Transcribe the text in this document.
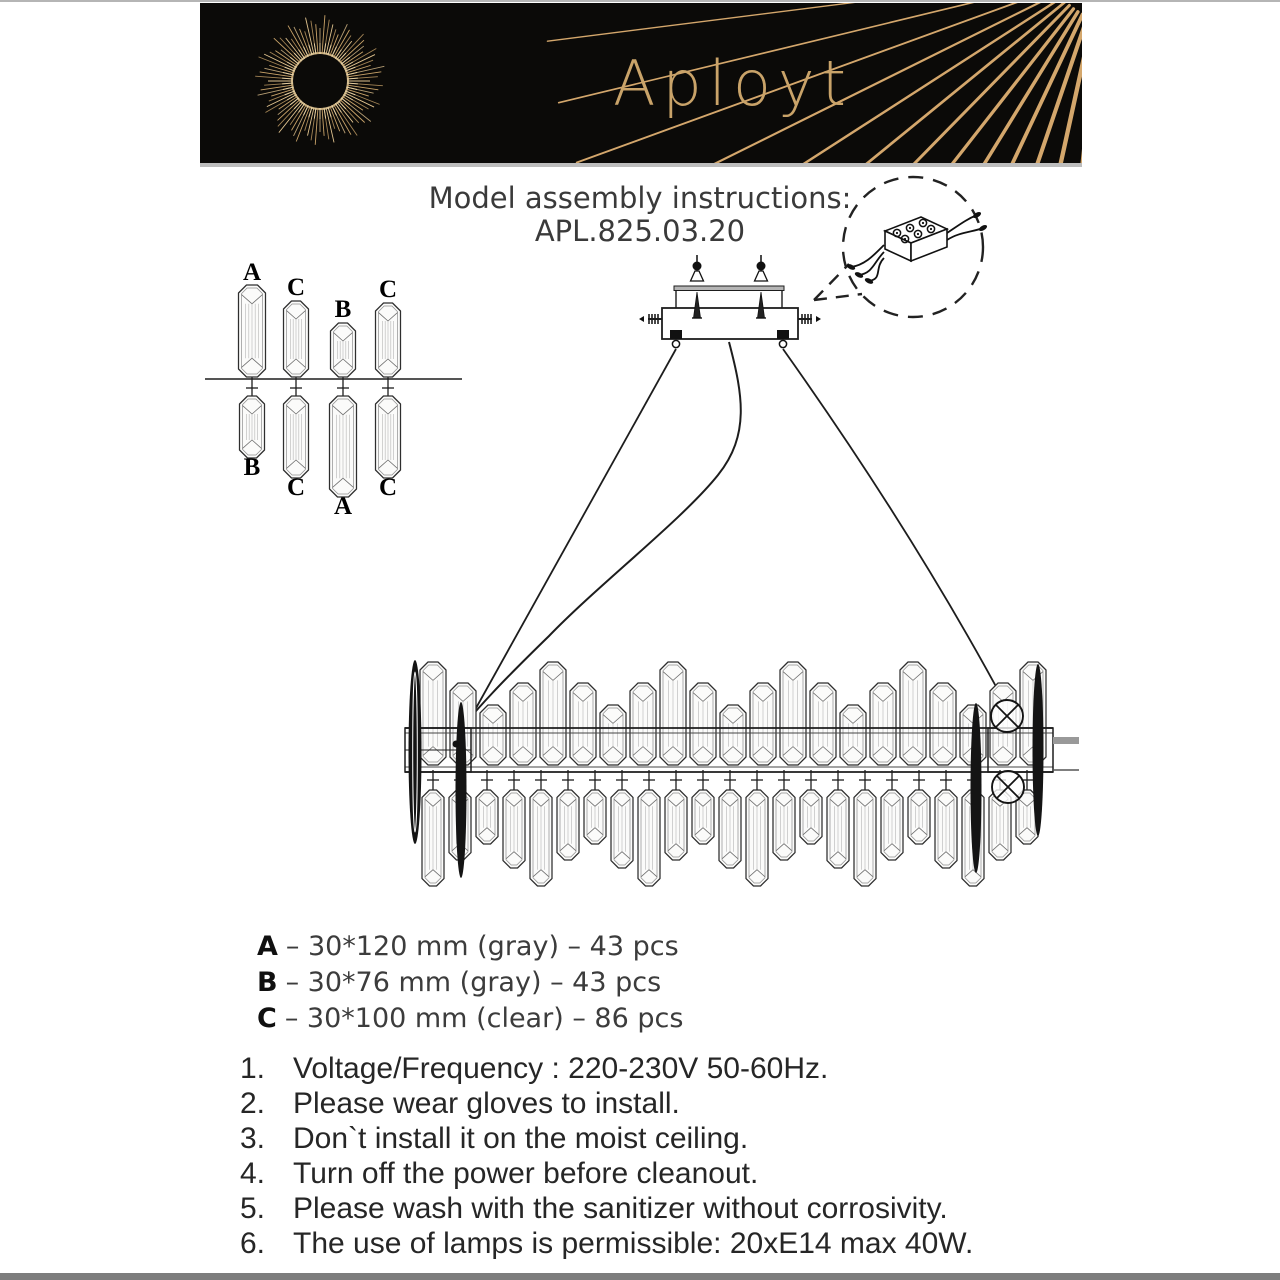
Aployt
Model assembly instructions:
APL.825.03.20
A
B
C
C
B
A
C
C
A – 30*120 mm (gray) – 43 pcs
B – 30*76 mm (gray) – 43 pcs
C – 30*100 mm (clear) – 86 pcs
1. Voltage/Frequency : 220-230V 50-60Hz.
2. Please wear gloves to install.
3. Don`t install it on the moist ceiling.
4. Turn off the power before cleanout.
5. Please wash with the sanitizer without corrosivity.
6. The use of lamps is permissible: 20xE14 max 40W.
